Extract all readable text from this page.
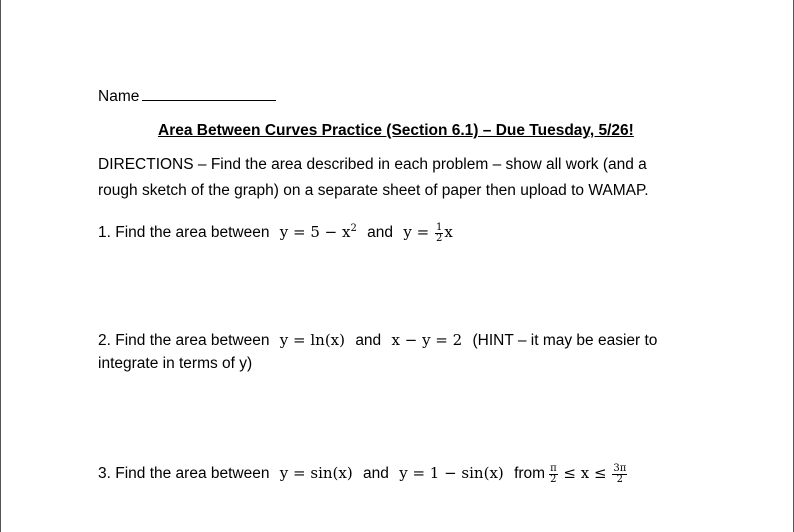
Name
Area Between Curves Practice (Section 6.1) – Due Tuesday, 5/26!
DIRECTIONS – Find the area described in each problem – show all work (and a
rough sketch of the graph) on a separate sheet of paper then upload to WAMAP.
1. Find the area between $y = 5 - x^2$ and $y = \frac{1}{2}$ x
2. Find the area between y = ln(x) and x − y = 2 (HINT – it may be easier to
integrate in terms of y)
3. Find the area between y = sin(x) and y = 1 − sin(x) from $\frac{\pi}{2} \le x \le \frac{3\pi}{2}$
